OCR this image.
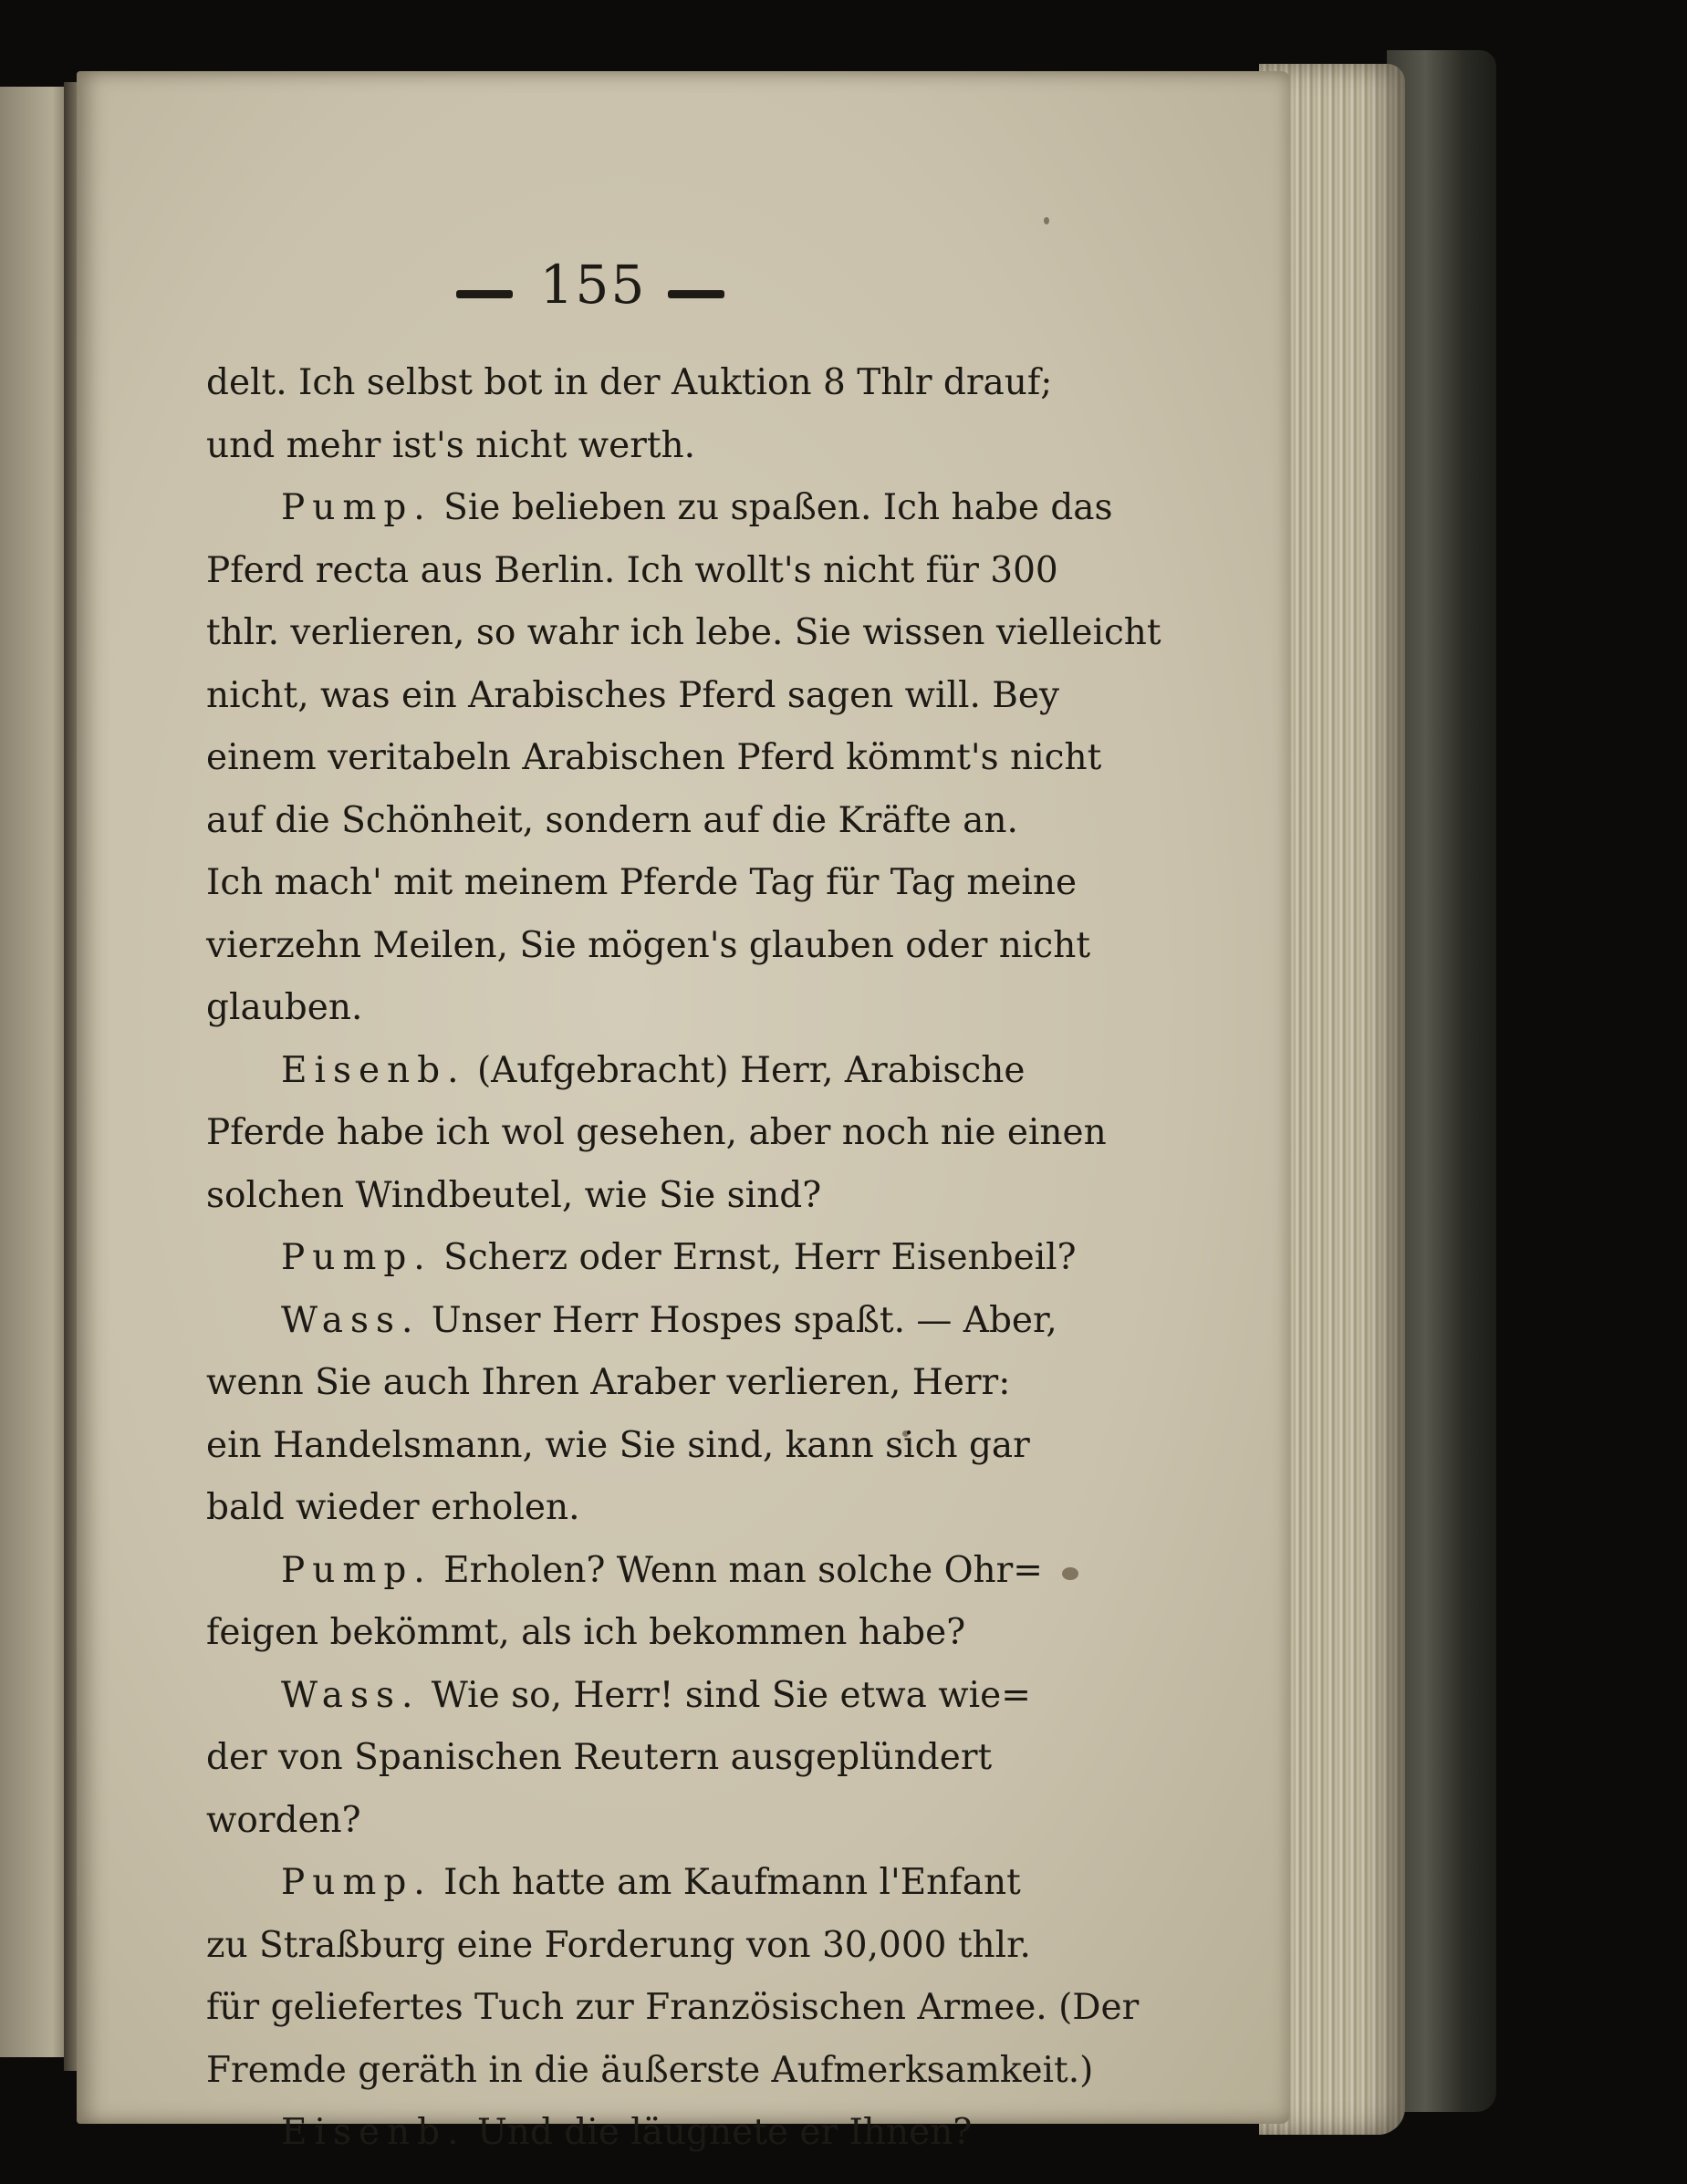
155
delt. Ich selbst bot in der Auktion 8 Thlr drauf;
und mehr ist's nicht werth.
Pump. Sie belieben zu spaßen. Ich habe das
Pferd recta aus Berlin. Ich wollt's nicht für 300
thlr. verlieren, so wahr ich lebe. Sie wissen vielleicht
nicht, was ein Arabisches Pferd sagen will. Bey
einem veritabeln Arabischen Pferd kömmt's nicht
auf die Schönheit, sondern auf die Kräfte an.
Ich mach' mit meinem Pferde Tag für Tag meine
vierzehn Meilen, Sie mögen's glauben oder nicht
glauben.
Eisenb. (Aufgebracht) Herr, Arabische
Pferde habe ich wol gesehen, aber noch nie einen
solchen Windbeutel, wie Sie sind?
Pump. Scherz oder Ernst, Herr Eisenbeil?
Wass. Unser Herr Hospes spaßt. — Aber,
wenn Sie auch Ihren Araber verlieren, Herr:
ein Handelsmann, wie Sie sind, kann sich gar
bald wieder erholen.
Pump. Erholen? Wenn man solche Ohr=
feigen bekömmt, als ich bekommen habe?
Wass. Wie so, Herr! sind Sie etwa wie=
der von Spanischen Reutern ausgeplündert
worden?
Pump. Ich hatte am Kaufmann l'Enfant
zu Straßburg eine Forderung von 30,000 thlr.
für geliefertes Tuch zur Französischen Armee. (Der
Fremde geräth in die äußerste Aufmerksamkeit.)
Eisenb. Und die läugnete er Ihnen?
